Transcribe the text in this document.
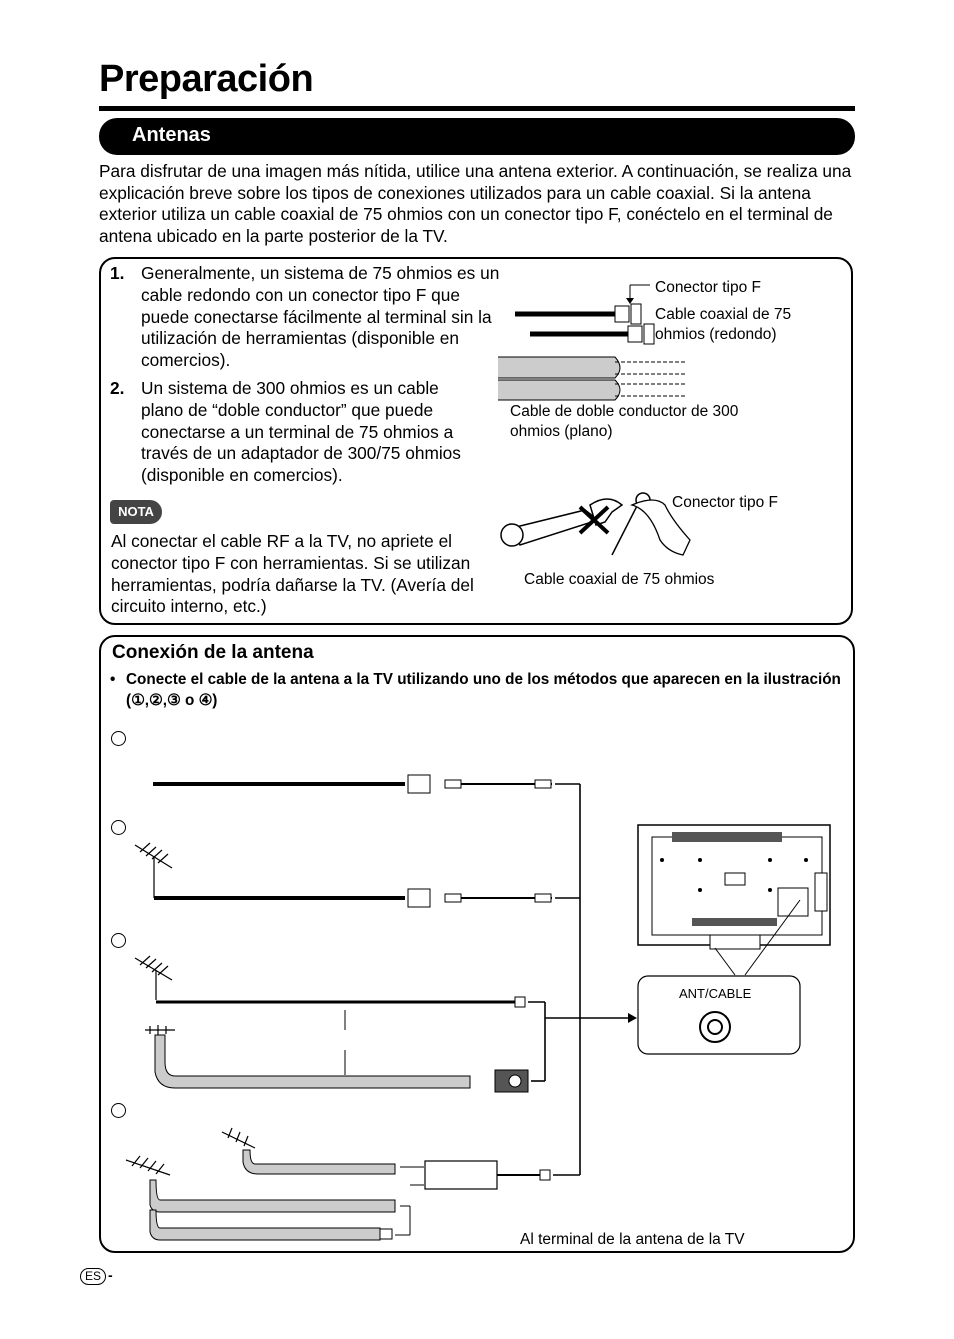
Preparación
Antenas

Para disfrutar de una imagen más nítida, utilice una antena exterior. A continuación, se realiza una explicación breve sobre los tipos de conexiones utilizados para un cable coaxial. Si la antena exterior utiliza un cable coaxial de 75 ohmios con un conector tipo F, conéctelo en el terminal de antena ubicado en la parte posterior de la TV.

1. Generalmente, un sistema de 75 ohmios es un cable redondo con un conector tipo F que puede conectarse fácilmente al terminal sin la utilización de herramientas (disponible en comercios).

2. Un sistema de 300 ohmios es un cable plano de “doble conductor” que puede conectarse a un terminal de 75 ohmios a través de un adaptador de 300/75 ohmios (disponible en comercios).

NOTA

Al conectar el cable RF a la TV, no apriete el conector tipo F con herramientas. Si se utilizan herramientas, podría dañarse la TV. (Avería del circuito interno, etc.)

Conector tipo F

Cable coaxial de 75 ohmios (redondo)

Cable de doble conductor de 300 ohmios (plano)

Conector tipo F

Cable coaxial de 75 ohmios

Conexión de la antena
• Conecte el cable de la antena a la TV utilizando uno de los métodos que aparecen en la ilustración (①,②,③ o ④)

ANT/CABLE

Al terminal de la antena de la TV

ES -
